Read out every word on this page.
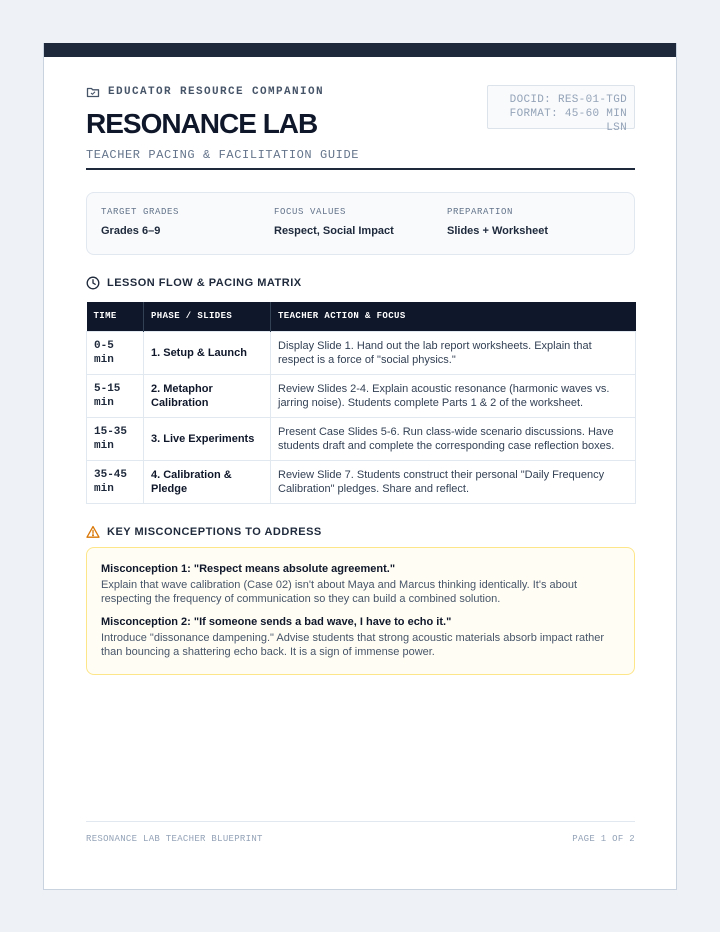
EDUCATOR RESOURCE COMPANION
RESONANCE LAB
TEACHER PACING & FACILITATION GUIDE
DOCID: RES-01-TGD
FORMAT: 45-60 MIN LSN
TARGET GRADES
Grades 6–9
FOCUS VALUES
Respect, Social Impact
PREPARATION
Slides + Worksheet
LESSON FLOW & PACING MATRIX
TIME	PHASE / SLIDES	TEACHER ACTION & FOCUS
0-5 min	1. Setup & Launch	Display Slide 1. Hand out the lab report worksheets. Explain that respect is a force of "social physics."
5-15 min	2. Metaphor Calibration	Review Slides 2-4. Explain acoustic resonance (harmonic waves vs. jarring noise). Students complete Parts 1 & 2 of the worksheet.
15-35 min	3. Live Experiments	Present Case Slides 5-6. Run class-wide scenario discussions. Have students draft and complete the corresponding case reflection boxes.
35-45 min	4. Calibration & Pledge	Review Slide 7. Students construct their personal "Daily Frequency Calibration" pledges. Share and reflect.
KEY MISCONCEPTIONS TO ADDRESS
Misconception 1: "Respect means absolute agreement."
Explain that wave calibration (Case 02) isn't about Maya and Marcus thinking identically. It's about respecting the frequency of communication so they can build a combined solution.
Misconception 2: "If someone sends a bad wave, I have to echo it."
Introduce "dissonance dampening." Advise students that strong acoustic materials absorb impact rather than bouncing a shattering echo back. It is a sign of immense power.
RESONANCE LAB TEACHER BLUEPRINT	PAGE 1 OF 2
